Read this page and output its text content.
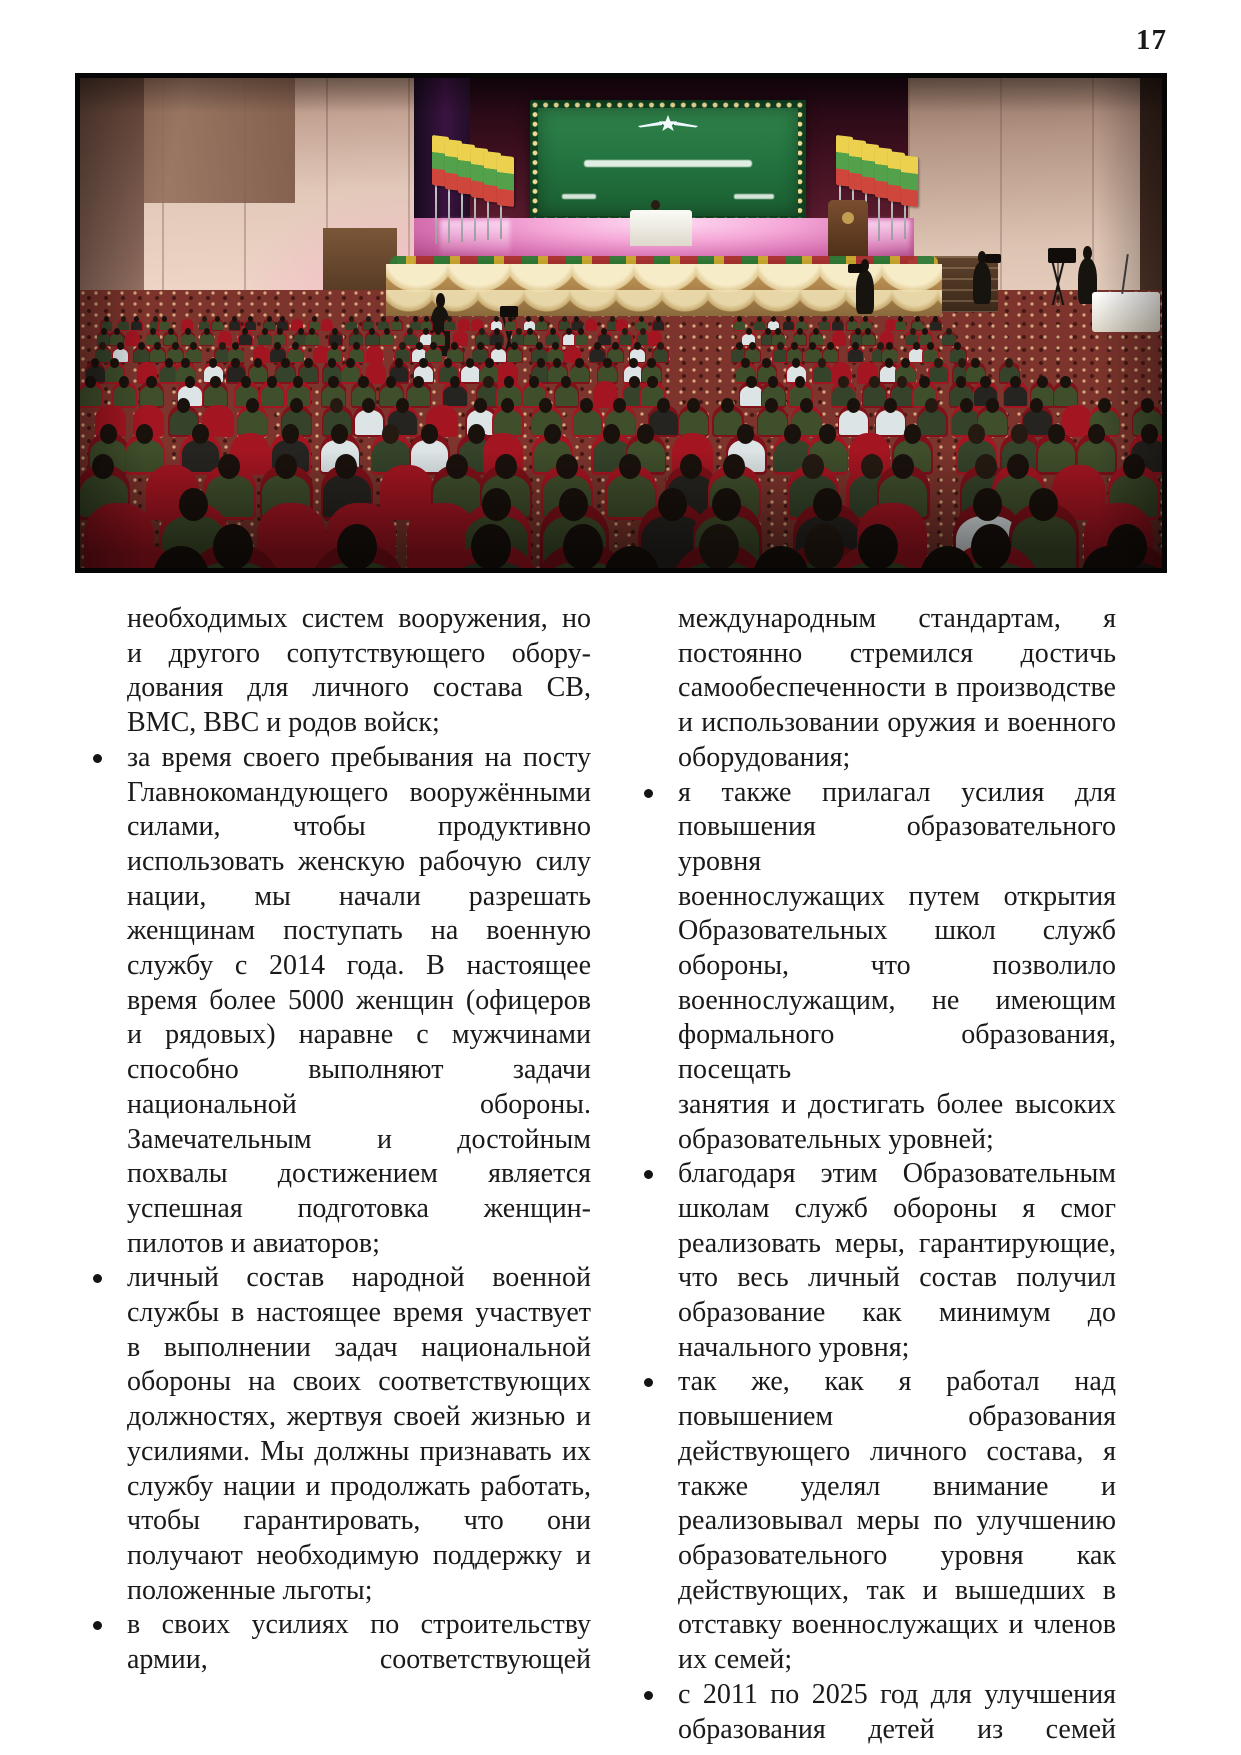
17
необходимых систем вооружения, но
и другого сопутствующего обору-
дования для личного состава СВ,
ВМС, ВВС и родов войск;
за время своего пребывания на посту
Главнокомандующего вооружёнными
силами, чтобы продуктивно
использовать женскую рабочую силу
нации, мы начали разрешать
женщинам поступать на военную
службу с 2014 года. В настоящее
время более 5000 женщин (офицеров
и рядовых) наравне с мужчинами
способно выполняют задачи
национальной обороны.
Замечательным и достойным
похвалы достижением является
успешная подготовка женщин-
пилотов и авиаторов;
личный состав народной военной
службы в настоящее время участвует
в выполнении задач национальной
обороны на своих соответствующих
должностях, жертвуя своей жизнью и
усилиями. Мы должны признавать их
службу нации и продолжать работать,
чтобы гарантировать, что они
получают необходимую поддержку и
положенные льготы;
в своих усилиях по строительству
армии, соответствующей
международным стандартам, я
постоянно стремился достичь
самообеспеченности в производстве
и использовании оружия и военного
оборудования;
я также прилагал усилия для
повышения образовательного уровня
военнослужащих путем открытия
Образовательных школ служб
обороны, что позволило
военнослужащим, не имеющим
формального образования, посещать
занятия и достигать более высоких
образовательных уровней;
благодаря этим Образовательным
школам служб обороны я смог
реализовать меры, гарантирующие,
что весь личный состав получил
образование как минимум до
начального уровня;
так же, как я работал над
повышением образования
действующего личного состава, я
также уделял внимание и
реализовывал меры по улучшению
образовательного уровня как
действующих, так и вышедших в
отставку военнослужащих и членов
их семей;
с 2011 по 2025 год для улучшения
образования детей из семей
